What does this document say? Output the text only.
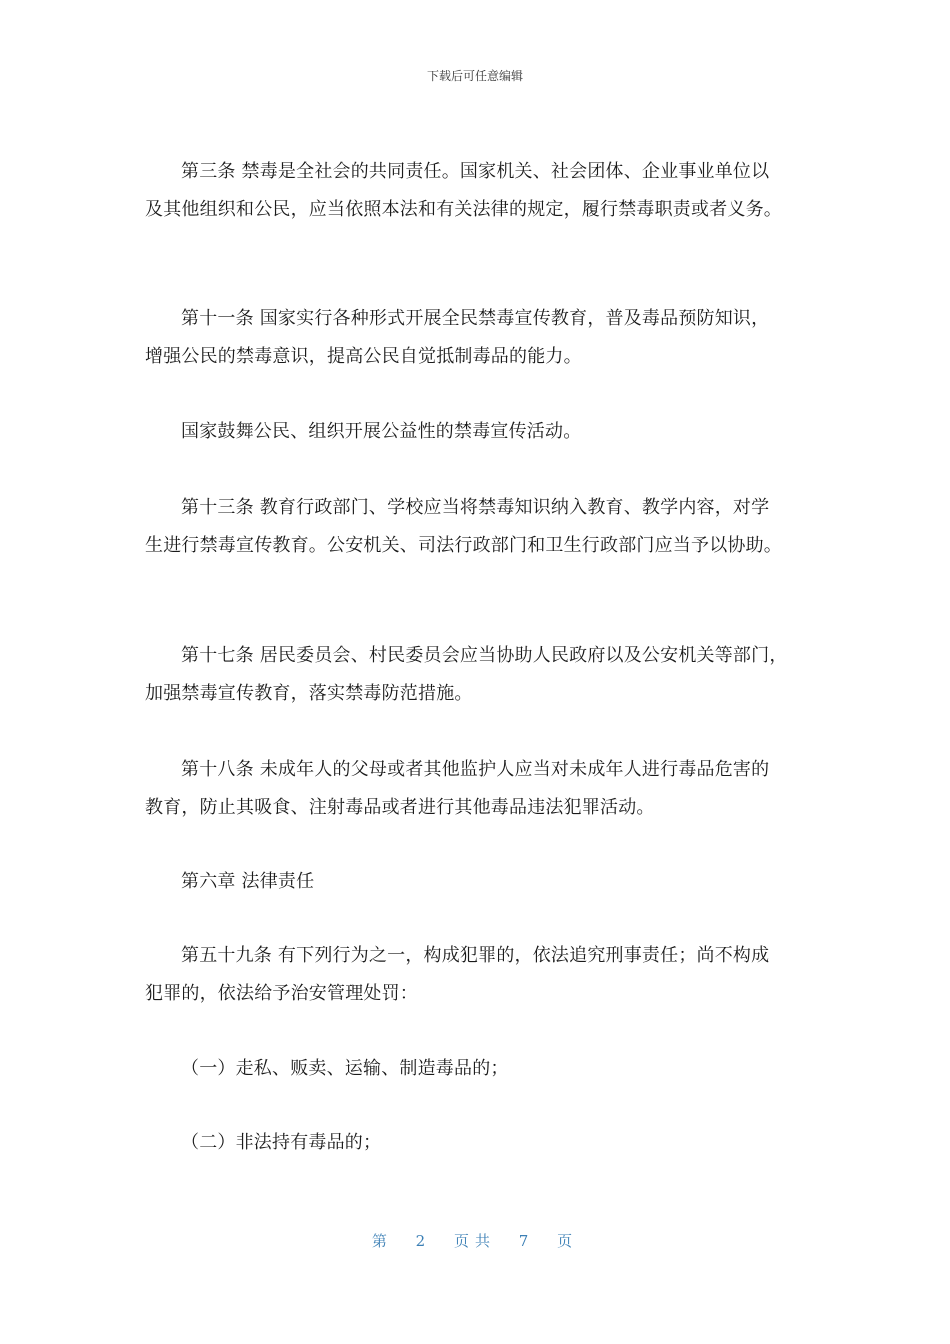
下载后可任意编辑
第三条 禁毒是全社会的共同责任。国家机关、社会团体、企业事业单位以
及其他组织和公民，应当依照本法和有关法律的规定，履行禁毒职责或者义务。
第十一条 国家实行各种形式开展全民禁毒宣传教育，普及毒品预防知识，
增强公民的禁毒意识，提高公民自觉抵制毒品的能力。
国家鼓舞公民、组织开展公益性的禁毒宣传活动。
第十三条 教育行政部门、学校应当将禁毒知识纳入教育、教学内容，对学
生进行禁毒宣传教育。公安机关、司法行政部门和卫生行政部门应当予以协助。
第十七条 居民委员会、村民委员会应当协助人民政府以及公安机关等部门，
加强禁毒宣传教育，落实禁毒防范措施。
第十八条 未成年人的父母或者其他监护人应当对未成年人进行毒品危害的
教育，防止其吸食、注射毒品或者进行其他毒品违法犯罪活动。
第六章 法律责任
第五十九条 有下列行为之一，构成犯罪的，依法追究刑事责任；尚不构成
犯罪的，依法给予治安管理处罚：
（一）走私、贩卖、运输、制造毒品的；
（二）非法持有毒品的；
第 2 页共 7 页
